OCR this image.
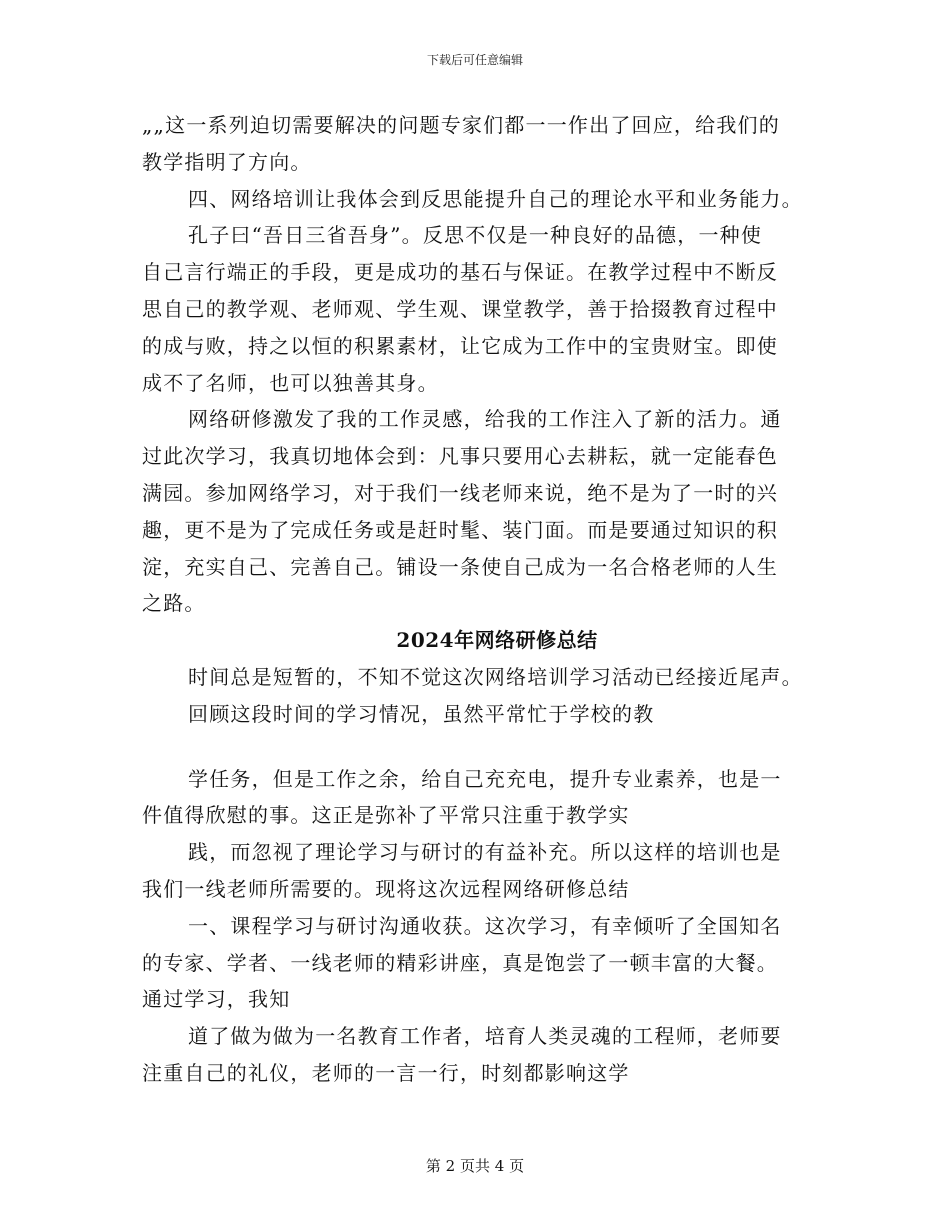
下载后可任意编辑
„„这一系列迫切需要解决的问题专家们都一一作出了回应，给我们的
教学指明了方向。
四、网络培训让我体会到反思能提升自己的理论水平和业务能力。
孔子曰“吾日三省吾身”。反思不仅是一种良好的品德，一种使
自己言行端正的手段，更是成功的基石与保证。在教学过程中不断反
思自己的教学观、老师观、学生观、课堂教学，善于拾掇教育过程中
的成与败，持之以恒的积累素材，让它成为工作中的宝贵财宝。即使
成不了名师，也可以独善其身。
网络研修激发了我的工作灵感，给我的工作注入了新的活力。通
过此次学习，我真切地体会到：凡事只要用心去耕耘，就一定能春色
满园。参加网络学习，对于我们一线老师来说，绝不是为了一时的兴
趣，更不是为了完成任务或是赶时髦、装门面。而是要通过知识的积
淀，充实自己、完善自己。铺设一条使自己成为一名合格老师的人生
之路。
2024年网络研修总结
时间总是短暂的，不知不觉这次网络培训学习活动已经接近尾声。
回顾这段时间的学习情况，虽然平常忙于学校的教
学任务，但是工作之余，给自己充充电，提升专业素养，也是一
件值得欣慰的事。这正是弥补了平常只注重于教学实
践，而忽视了理论学习与研讨的有益补充。所以这样的培训也是
我们一线老师所需要的。现将这次远程网络研修总结
一、课程学习与研讨沟通收获。这次学习，有幸倾听了全国知名
的专家、学者、一线老师的精彩讲座，真是饱尝了一顿丰富的大餐。
通过学习，我知
道了做为做为一名教育工作者，培育人类灵魂的工程师，老师要
注重自己的礼仪，老师的一言一行，时刻都影响这学
第 2 页共 4 页
